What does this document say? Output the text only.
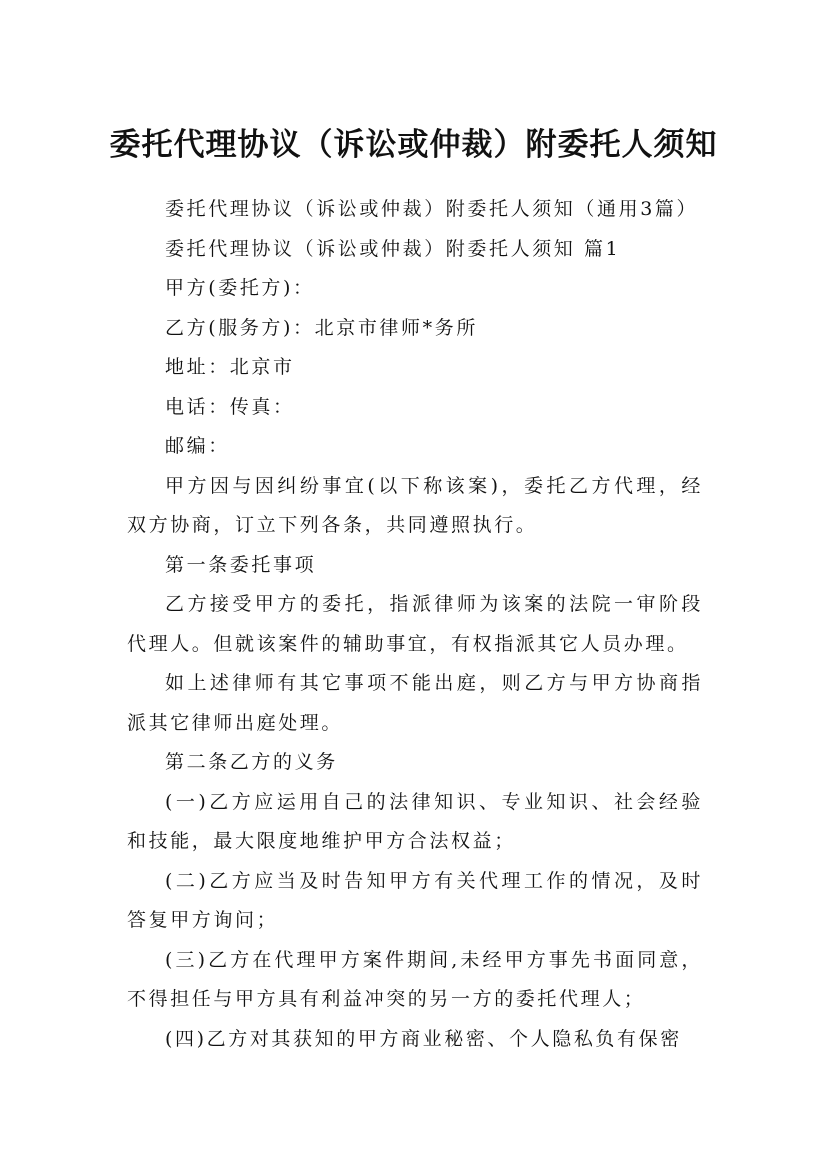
委托代理协议（诉讼或仲裁）附委托人须知

委托代理协议（诉讼或仲裁）附委托人须知（通用3篇）

委托代理协议（诉讼或仲裁）附委托人须知 篇1

甲方(委托方)：

乙方(服务方)：北京市律师*务所

地址：北京市

电话：传真：

邮编：

甲方因与因纠纷事宜(以下称该案)，委托乙方代理，经双方协商，订立下列各条，共同遵照执行。

第一条委托事项

乙方接受甲方的委托，指派律师为该案的法院一审阶段代理人。但就该案件的辅助事宜，有权指派其它人员办理。

如上述律师有其它事项不能出庭，则乙方与甲方协商指派其它律师出庭处理。

第二条乙方的义务

(一)乙方应运用自己的法律知识、专业知识、社会经验和技能，最大限度地维护甲方合法权益；

(二)乙方应当及时告知甲方有关代理工作的情况，及时答复甲方询问；

(三)乙方在代理甲方案件期间,未经甲方事先书面同意，不得担任与甲方具有利益冲突的另一方的委托代理人；

(四)乙方对其获知的甲方商业秘密、个人隐私负有保密
